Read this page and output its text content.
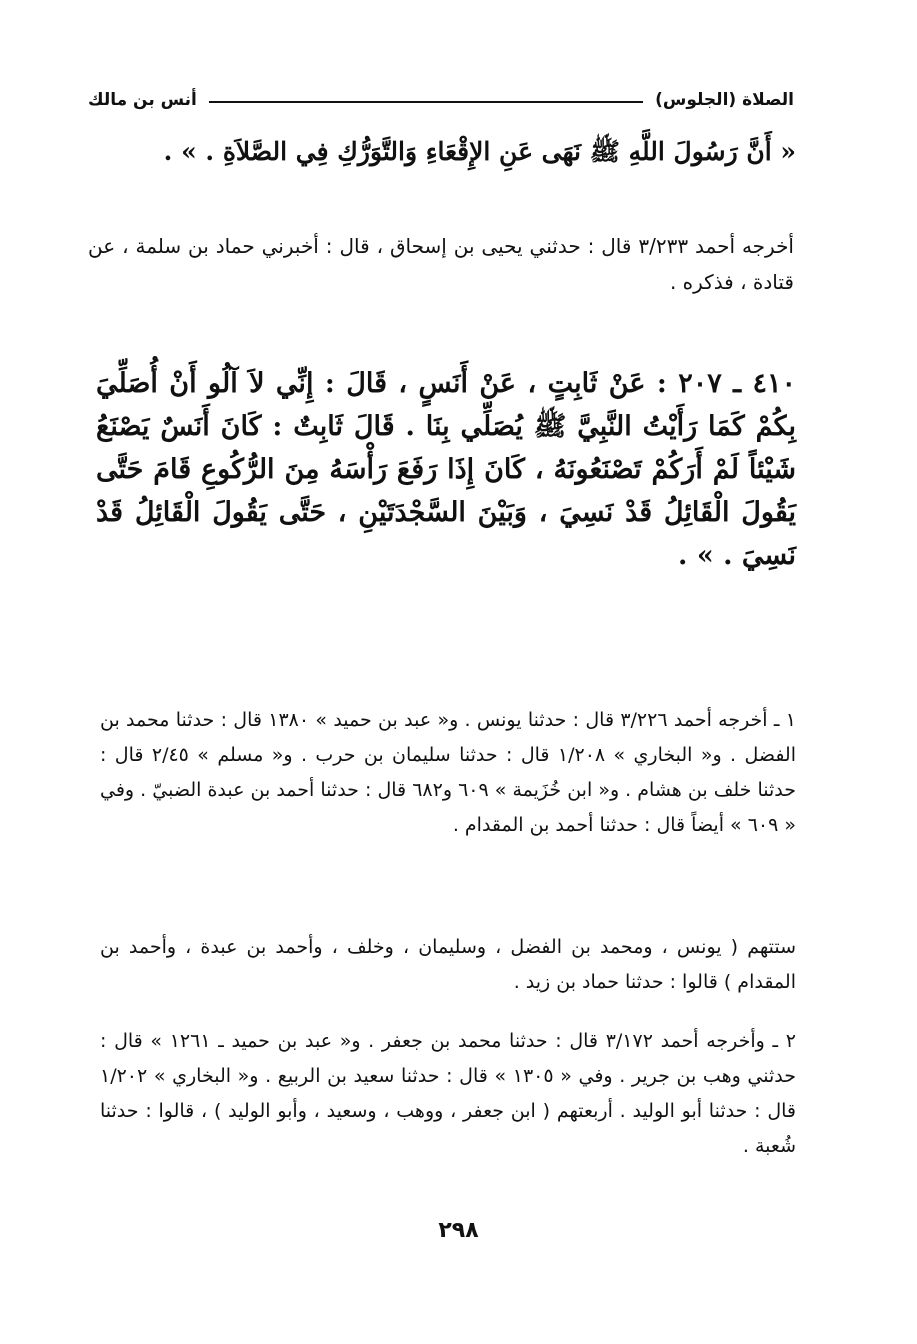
الصلاة (الجلوس)
أنس بن مالك
« أَنَّ رَسُولَ اللَّهِ ﷺ نَهَى عَنِ الإِقْعَاءِ وَالتَّوَرُّكِ فِي الصَّلاَةِ . » .
أخرجه أحمد ٣/٢٣٣ قال : حدثني يحيى بن إسحاق ، قال : أخبرني حماد بن سلمة ، عن قتادة ، فذكره .
٤١٠ ـ ٢٠٧ : عَنْ ثَابِتٍ ، عَنْ أَنَسٍ ، قَالَ : إِنِّي لاَ آلُو أَنْ أُصَلِّيَ بِكُمْ كَمَا رَأَيْتُ النَّبِيَّ ﷺ يُصَلِّي بِنَا . قَالَ ثَابِتٌ : كَانَ أَنَسٌ يَصْنَعُ شَيْئاً لَمْ أَرَكُمْ تَصْنَعُونَهُ ، كَانَ إِذَا رَفَعَ رَأْسَهُ مِنَ الرُّكُوعِ قَامَ حَتَّى يَقُولَ الْقَائِلُ قَدْ نَسِيَ ، وَبَيْنَ السَّجْدَتَيْنِ ، حَتَّى يَقُولَ الْقَائِلُ قَدْ نَسِيَ . » .
١ ـ أخرجه أحمد ٣/٢٢٦ قال : حدثنا يونس . و« عبد بن حميد » ١٣٨٠ قال : حدثنا محمد بن الفضل . و« البخاري » ١/٢٠٨ قال : حدثنا سليمان بن حرب . و« مسلم » ٢/٤٥ قال : حدثنا خلف بن هشام . و« ابن خُزَيمة » ٦٠٩ و٦٨٢ قال : حدثنا أحمد بن عبدة الضبيّ . وفي « ٦٠٩ » أيضاً قال : حدثنا أحمد بن المقدام .
ستتهم ( يونس ، ومحمد بن الفضل ، وسليمان ، وخلف ، وأحمد بن عبدة ، وأحمد بن المقدام ) قالوا : حدثنا حماد بن زيد .
٢ ـ وأخرجه أحمد ٣/١٧٢ قال : حدثنا محمد بن جعفر . و« عبد بن حميد ـ ١٢٦١ » قال : حدثني وهب بن جرير . وفي « ١٣٠٥ » قال : حدثنا سعيد بن الربيع . و« البخاري » ١/٢٠٢ قال : حدثنا أبو الوليد . أربعتهم ( ابن جعفر ، ووهب ، وسعيد ، وأبو الوليد ) ، قالوا : حدثنا شُعبة .
٢٩٨
